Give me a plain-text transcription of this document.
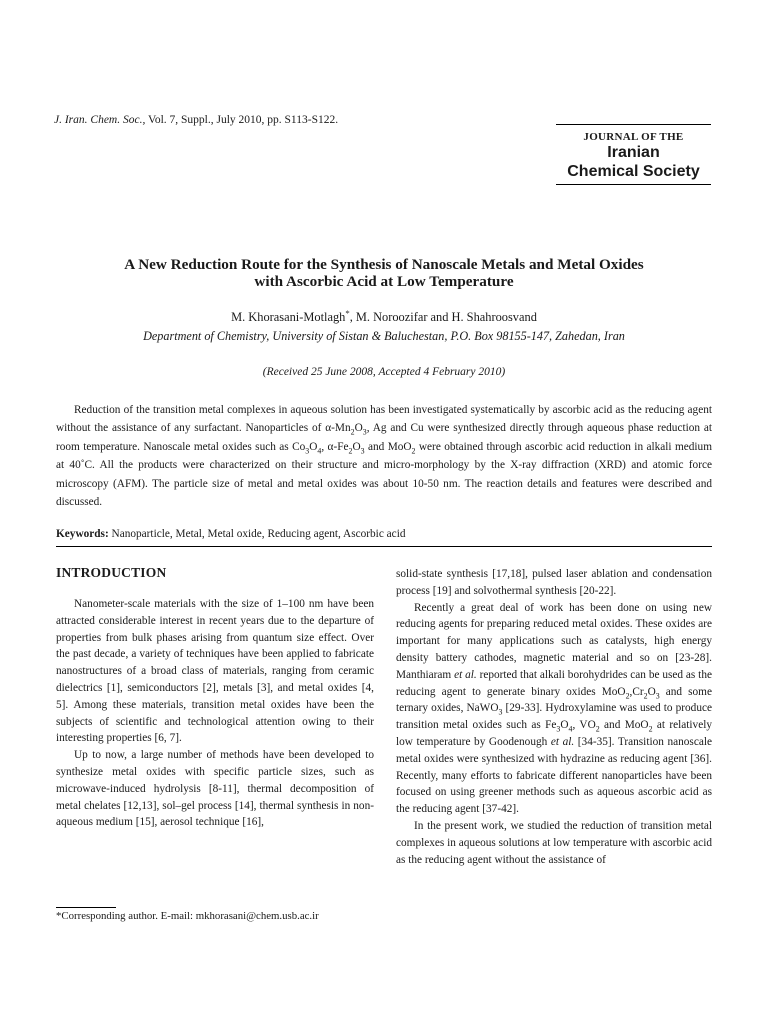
J. Iran. Chem. Soc., Vol. 7, Suppl., July 2010, pp. S113-S122.
JOURNAL OF THE
Iranian
Chemical Society
A New Reduction Route for the Synthesis of Nanoscale Metals and Metal Oxides
with Ascorbic Acid at Low Temperature
M. Khorasani-Motlagh*, M. Noroozifar and H. Shahroosvand
Department of Chemistry, University of Sistan & Baluchestan, P.O. Box 98155-147, Zahedan, Iran
(Received 25 June 2008, Accepted 4 February 2010)

Reduction of the transition metal complexes in aqueous solution has been investigated systematically by ascorbic acid as the reducing agent without the assistance of any surfactant. Nanoparticles of $\alpha-Mn_2O_3$, Ag and Cu were synthesized directly through aqueous phase reduction at room temperature. Nanoscale metal oxides such as $Co_3O_4$, $\alpha-Fe_2O_3$ and MoO$_2$ were obtained through ascorbic acid reduction in alkali medium at 40˚C. All the products were characterized on their structure and micro-morphology by the X-ray diffraction (XRD) and atomic force microscopy (AFM). The particle size of metal and metal oxides was about 10-50 nm. The reaction details and features were described and discussed.

Keywords: Nanoparticle, Metal, Metal oxide, Reducing agent, Ascorbic acid
INTRODUCTION

Nanometer-scale materials with the size of 1–100 nm have been attracted considerable interest in recent years due to the departure of properties from bulk phases arising from quantum size effect. Over the past decade, a variety of techniques have been applied to fabricate nanostructures of a broad class of materials, ranging from ceramic dielectrics [1], semiconductors [2], metals [3], and metal oxides [4, 5]. Among these materials, transition metal oxides have been the subjects of scientific and technological attention owing to their interesting properties [6, 7].

Up to now, a large number of methods have been developed to synthesize metal oxides with specific particle sizes, such as microwave-induced hydrolysis [8-11], thermal decomposition of metal chelates [12,13], sol–gel process [14], thermal synthesis in non-aqueous medium [15], aerosol technique [16],

solid-state synthesis [17,18], pulsed laser ablation and condensation process [19] and solvothermal synthesis [20-22].

Recently a great deal of work has been done on using new reducing agents for preparing reduced metal oxides. These oxides are important for many applications such as catalysts, high energy density battery cathodes, magnetic material and so on [23-28]. Manthiaram et al. reported that alkali borohydrides can be used as the reducing agent to generate binary oxides $MoO_2,Cr_2O_3$ and some ternary oxides, NaWO$_3$ [29-33]. Hydroxylamine was used to produce transition metal oxides such as $Fe_3O_4$, $VO_2$ and MoO$_2$ at relatively low temperature by Goodenough et al. [34-35]. Transition nanoscale metal oxides were synthesized with hydrazine as reducing agent [36]. Recently, many efforts to fabricate different nanoparticles have been focused on using greener methods such as aqueous ascorbic acid as the reducing agent [37-42].

In the present work, we studied the reduction of transition metal complexes in aqueous solutions at low temperature with ascorbic acid as the reducing agent without the assistance of

*Corresponding author. E-mail: mkhorasani@chem.usb.ac.ir
